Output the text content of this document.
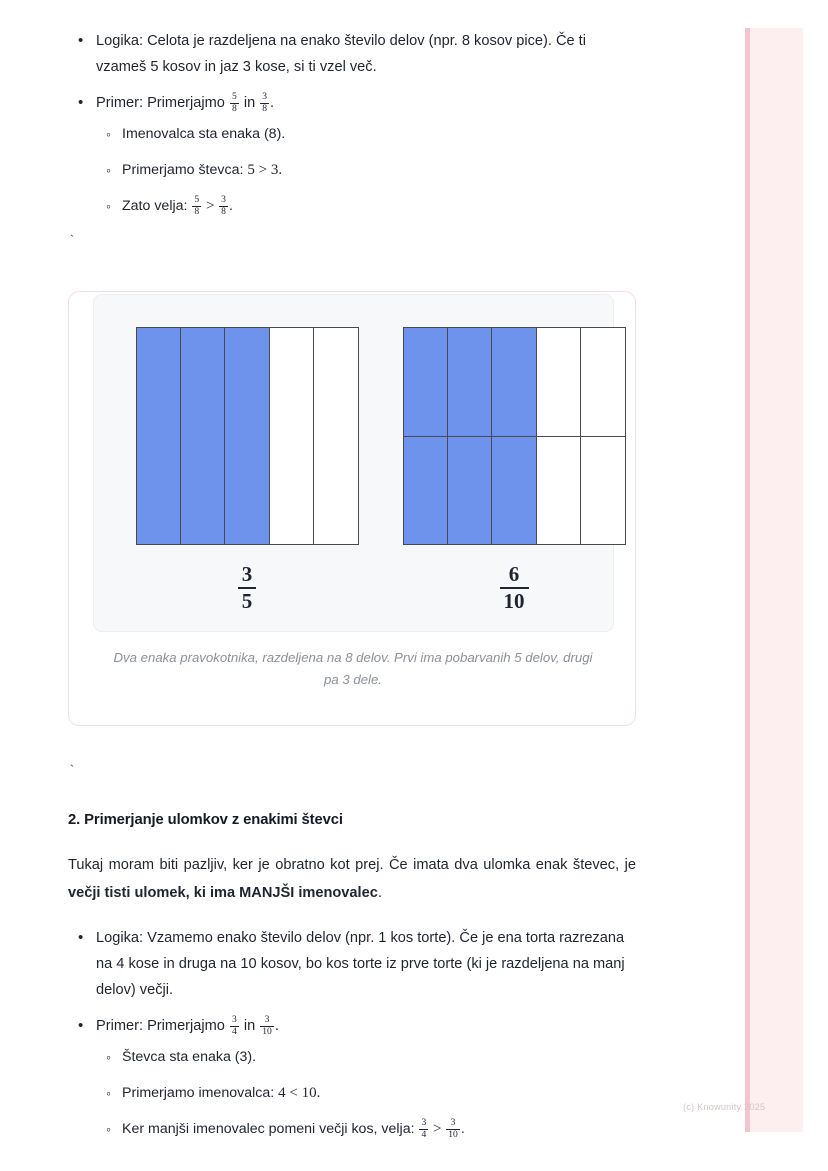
• Logika: Celota je razdeljena na enako število delov (npr. 8 kosov pice). Če ti vzameš 5 kosov in jaz 3 kose, si ti vzel več.
• Primer: Primerjajmo $\frac{5}{8}$ in $\frac{3}{8}$ .
◦ Imenovalca sta enaka (8).
◦ Primerjamo števca: 5 > 3.
◦ Zato velja: $\frac{5}{8} > \frac{3}{8}$ .
`
$\frac{3}{5}$	$\frac{6}{10}$
Dva enaka pravokotnika, razdeljena na 8 delov. Prvi ima pobarvanih 5 delov, drugi pa 3 dele.
`
2. Primerjanje ulomkov z enakimi števci
Tukaj moram biti pazljiv, ker je obratno kot prej. Če imata dva ulomka enak števec, je večji tisti ulomek, ki ima MANJŠI imenovalec.
• Logika: Vzamemo enako število delov (npr. 1 kos torte). Če je ena torta razrezana na 4 kose in druga na 10 kosov, bo kos torte iz prve torte (ki je razdeljena na manj delov) večji.
• Primer: Primerjajmo $\frac{3}{4}$ in $\frac{3}{10}$ .
◦ Števca sta enaka (3).
◦ Primerjamo imenovalca: 4 < 10.
◦ Ker manjši imenovalec pomeni večji kos, velja: $\frac{3}{4} > \frac{3}{10}$ .
(c) Knowunity 2025
